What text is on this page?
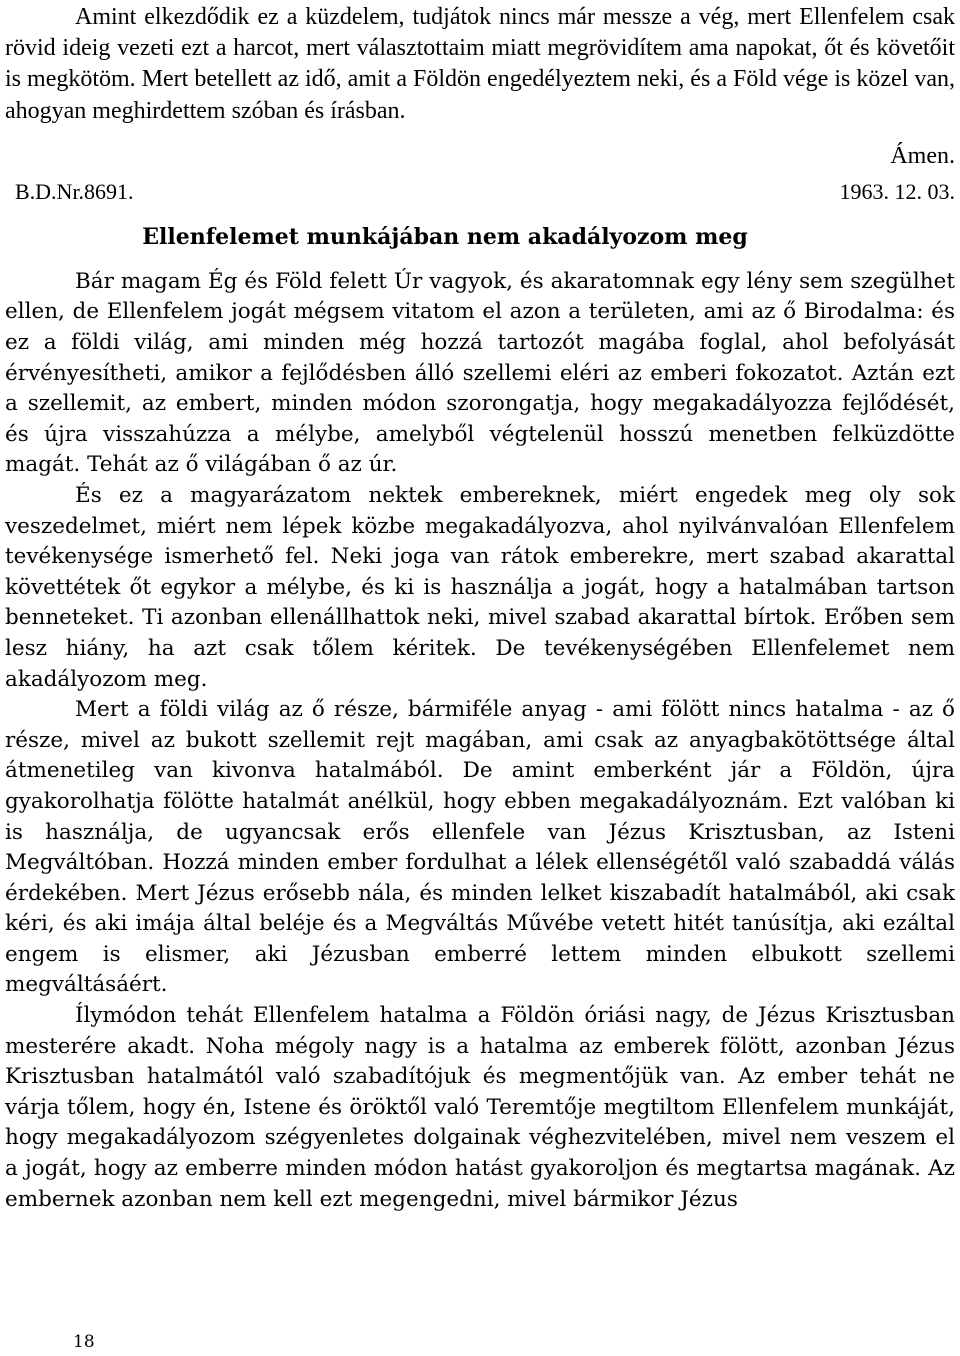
Amint elkezdődik ez a küzdelem, tudjátok nincs már messze a vég, mert Ellenfelem csak rövid ideig vezeti ezt a harcot, mert választottaim miatt megrövidítem ama napokat, őt és követőit is megkötöm. Mert betellett az idő, amit a Földön engedélyeztem neki, és a Föld vége is közel van, ahogyan meghirdettem szóban és írásban.

Ámen.
B.D.Nr.8691.	1963. 12. 03.
Ellenfelemet munkájában nem akadályozom meg

Bár magam Ég és Föld felett Úr vagyok, és akaratomnak egy lény sem szegülhet ellen, de Ellenfelem jogát mégsem vitatom el azon a területen, ami az ő Birodalma: és ez a földi világ, ami minden még hozzá tartozót magába foglal, ahol befolyását érvényesítheti, amikor a fejlődésben álló szellemi eléri az emberi fokozatot. Aztán ezt a szellemit, az embert, minden módon szorongatja, hogy megakadályozza fejlődését, és újra visszahúzza a mélybe, amelyből végtelenül hosszú menetben felküzdötte magát. Tehát az ő világában ő az úr.

És ez a magyarázatom nektek embereknek, miért engedek meg oly sok veszedelmet, miért nem lépek közbe megakadályozva, ahol nyilvánvalóan Ellenfelem tevékenysége ismerhető fel. Neki joga van rátok emberekre, mert szabad akarattal követtétek őt egykor a mélybe, és ki is használja a jogát, hogy a hatalmában tartson benneteket. Ti azonban ellenállhattok neki, mivel szabad akarattal bírtok. Erőben sem lesz hiány, ha azt csak tőlem kéritek. De tevékenységében Ellenfelemet nem akadályozom meg.

Mert a földi világ az ő része, bármiféle anyag - ami fölött nincs hatalma - az ő része, mivel az bukott szellemit rejt magában, ami csak az anyagbakötöttsége által átmenetileg van kivonva hatalmából. De amint emberként jár a Földön, újra gyakorolhatja fölötte hatalmát anélkül, hogy ebben megakadályoznám. Ezt valóban ki is használja, de ugyancsak erős ellenfele van Jézus Krisztusban, az Isteni Megváltóban. Hozzá minden ember fordulhat a lélek ellenségétől való szabaddá válás érdekében. Mert Jézus erősebb nála, és minden lelket kiszabadít hatalmából, aki csak kéri, és aki imája által beléje és a Megváltás Művébe vetett hitét tanúsítja, aki ezáltal engem is elismer, aki Jézusban emberré lettem minden elbukott szellemi megváltásáért.

Ílymódon tehát Ellenfelem hatalma a Földön óriási nagy, de Jézus Krisztusban mesterére akadt. Noha mégoly nagy is a hatalma az emberek fölött, azonban Jézus Krisztusban hatalmától való szabadítójuk és megmentőjük van. Az ember tehát ne várja tőlem, hogy én, Istene és öröktől való Teremtője megtiltom Ellenfelem munkáját, hogy megakadályozom szégyenletes dolgainak véghezvitelében, mivel nem veszem el a jogát, hogy az emberre minden módon hatást gyakoroljon és megtartsa magának. Az embernek azonban nem kell ezt megengedni, mivel bármikor Jézus

18
